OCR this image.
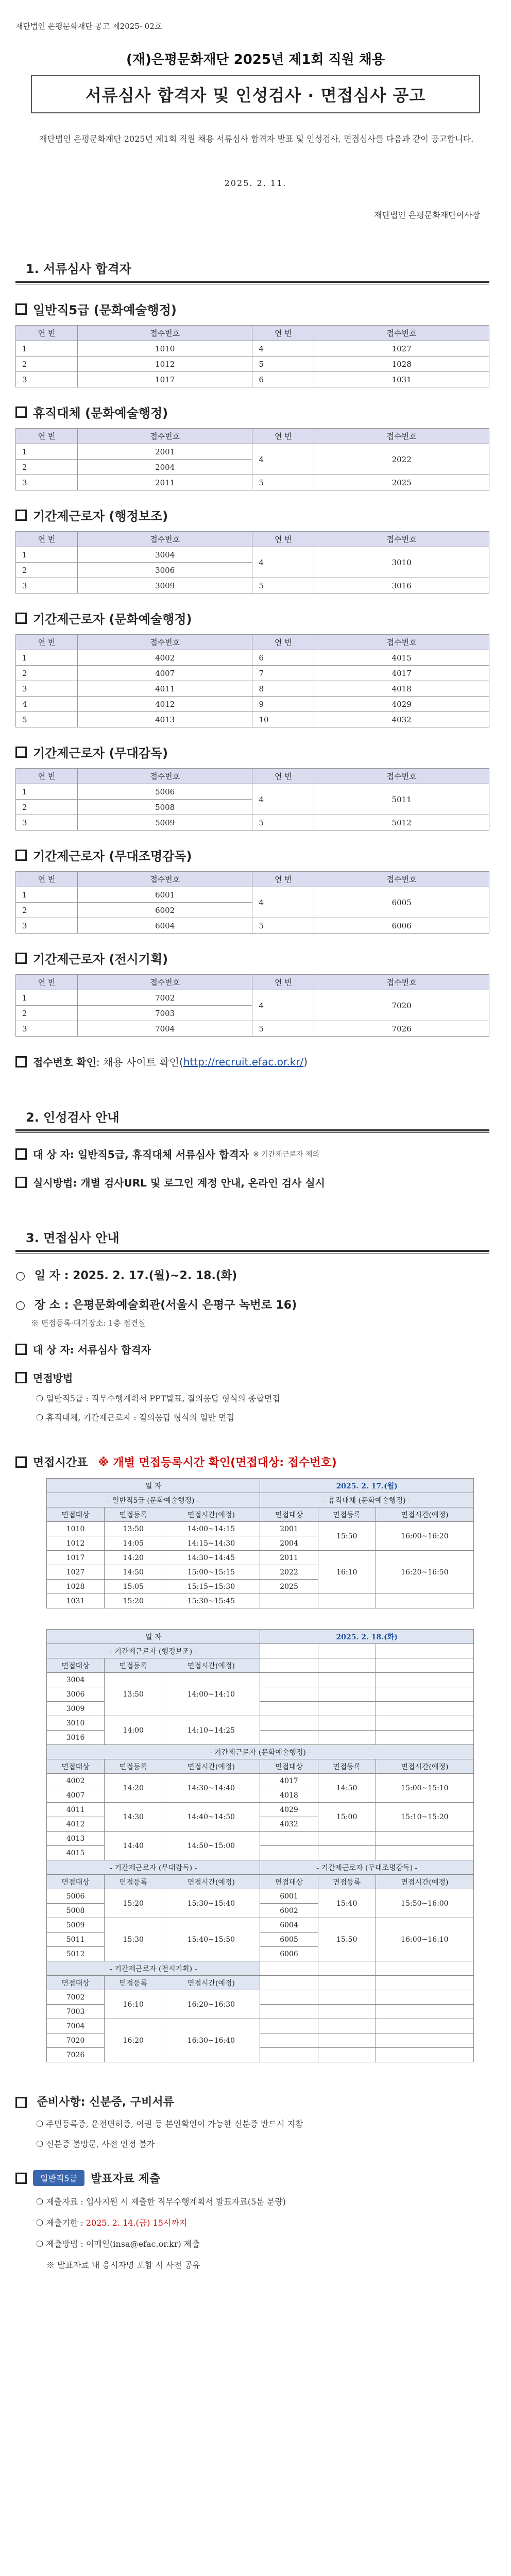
재단법인 은평문화재단 공고 제2025- 02호
(재)은평문화재단 2025년 제1회 직원 채용
서류심사 합격자 및 인성검사 · 면접심사 공고
재단법인 은평문화재단 2025년 제1회 직원 채용 서류심사 합격자 발표 및 인성검사, 면접심사를 다음과 같이 공고합니다.
2025. 2. 11.
재단법인 은평문화재단이사장
1. 서류심사 합격자
일반직5급 (문화예술행정)
연 번	접수번호	연 번	접수번호
1	1010	4	1027
2	1012	5	1028
3	1017	6	1031
휴직대체 (문화예술행정)
연 번	접수번호	연 번	접수번호
1	2001	4	2022
2	2004		
3	2011	5	2025
기간제근로자 (행정보조)
연 번	접수번호	연 번	접수번호
1	3004	4	3010
2	3006		
3	3009	5	3016
기간제근로자 (문화예술행정)
연 번	접수번호	연 번	접수번호
1	4002	6	4015
2	4007	7	4017
3	4011	8	4018
4	4012	9	4029
5	4013	10	4032
기간제근로자 (무대감독)
연 번	접수번호	연 번	접수번호
1	5006	4	5011
2	5008		
3	5009	5	5012
기간제근로자 (무대조명감독)
연 번	접수번호	연 번	접수번호
1	6001	4	6005
2	6002		
3	6004	5	6006
기간제근로자 (전시기획)
연 번	접수번호	연 번	접수번호
1	7002	4	7020
2	7003		
3	7004	5	7026
접수번호 확인 : 채용 사이트 확인( http://recruit.efac.or.kr/ )
2. 인성검사 안내
대 상 자 : 일반직5급, 휴직대체 서류심사 합격자 ※ 기간제근로자 제외
실시방법 : 개별 검사URL 및 로그인 계정 안내, 온라인 검사 실시
3. 면접심사 안내
○ 일 자 : 2025. 2. 17.(월)~2. 18.(화)
○ 장 소 : 은평문화예술회관(서울시 은평구 녹번로 16)
※ 면접등록·대기장소: 1층 접견실
대 상 자 : 서류심사 합격자
면접방법
❍ 일반직5급 : 직무수행계획서 PPT발표, 질의응답 형식의 종합면접
❍ 휴직대체, 기간제근로자 : 질의응답 형식의 일반 면접
면접시간표 ※ 개별 면접등록시간 확인(면접대상: 접수번호)
일 자			2025. 2. 17.(월)		
- 일반직5급 (문화예술행정) -			- 휴직대체 (문화예술행정) -		
면접대상	면접등록	면접시간(예정)	면접대상	면접등록	면접시간(예정)
1010	13:50	14:00~14:15	2001	15:50	16:00~16:20
1012	14:05	14:15~14:30	2004		
1017	14:20	14:30~14:45	2011	16:10	16:20~16:50
1027	14:50	15:00~15:15	2022		
1028	15:05	15:15~15:30	2025		
1031	15:20	15:30~15:45			
일 자			2025. 2. 18.(화)		
- 기간제근로자 (행정보조) -					
면접대상	면접등록	면접시간(예정)			
3004	13:50	14:00~14:10			
3006					
3009					
3010	14:00	14:10~14:25			
3016					
- 기간제근로자 (문화예술행정) -					
면접대상	면접등록	면접시간(예정)	면접대상	면접등록	면접시간(예정)
4002	14:20	14:30~14:40	4017	14:50	15:00~15:10
4007			4018		
4011	14:30	14:40~14:50	4029	15:00	15:10~15:20
4012			4032		
4013	14:40	14:50~15:00			
4015					
- 기간제근로자 (무대감독) -			- 기간제근로자 (무대조명감독) -		
면접대상	면접등록	면접시간(예정)	면접대상	면접등록	면접시간(예정)
5006	15:20	15:30~15:40	6001	15:40	15:50~16:00
5008			6002		
5009	15:30	15:40~15:50	6004	15:50	16:00~16:10
5011			6005		
5012			6006		
- 기간제근로자 (전시기획) -					
면접대상	면접등록	면접시간(예정)			
7002	16:10	16:20~16:30			
7003					
7004	16:20	16:30~16:40			
7020					
7026					
준비사항: 신분증, 구비서류
❍ 주민등록증, 운전면허증, 여권 등 본인확인이 가능한 신분증 반드시 지참
❍ 신분증 불방문, 사전 인정 불가
일반직5급	발표자료 제출
❍ 제출자료 : 입사지원 시 제출한 직무수행계획서 발표자료(5분 분량)
❍ 제출기한 : 2025. 2. 14.(금) 15시까지
❍ 제출방법 : 이메일(insa@efac.or.kr) 제출
※ 발표자료 내 응시자명 포함 시 사전 공유
